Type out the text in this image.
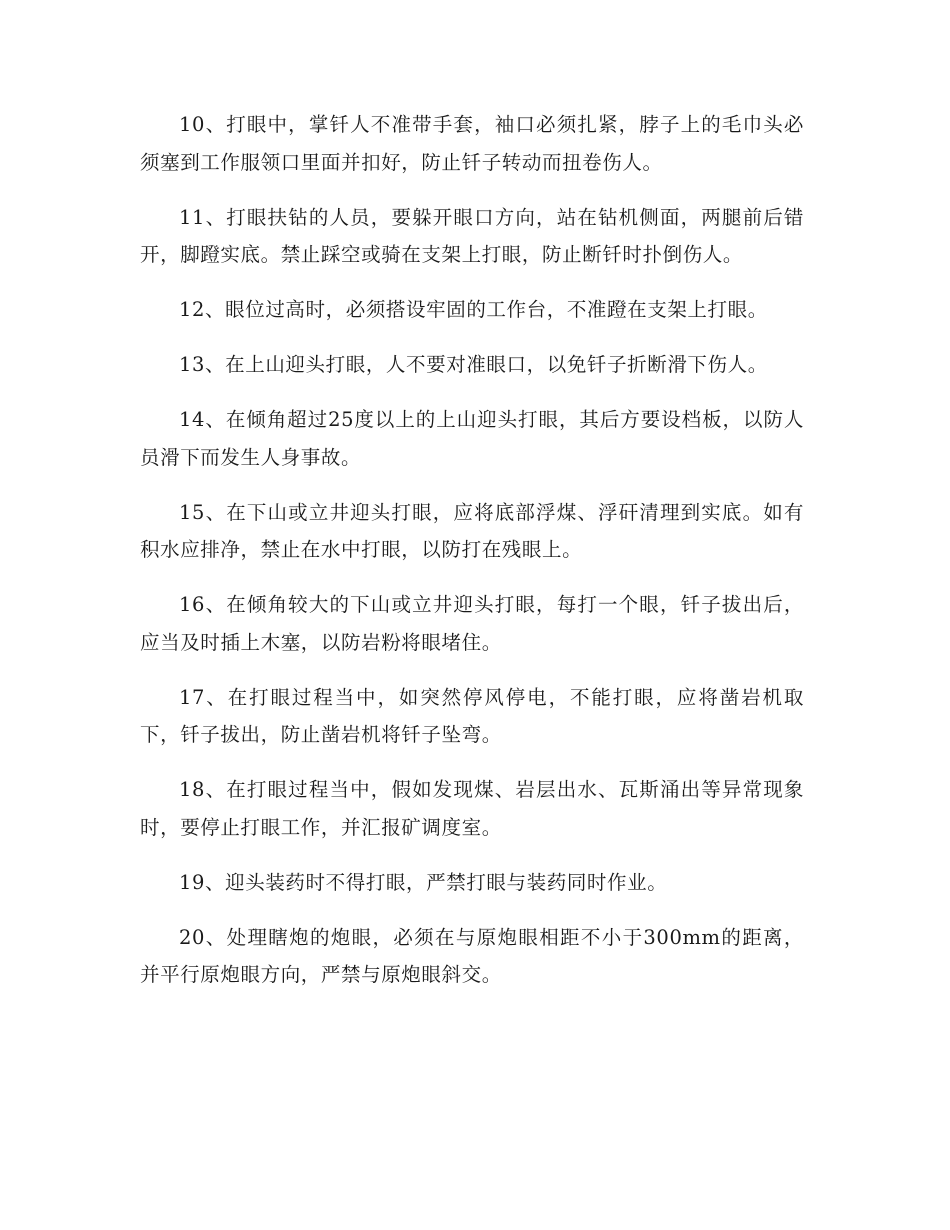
10、打眼中，掌钎人不准带手套，袖口必须扎紧，脖子上的毛巾头必须塞到工作服领口里面并扣好，防止钎子转动而扭卷伤人。

11、打眼扶钻的人员，要躲开眼口方向，站在钻机侧面，两腿前后错开，脚蹬实底。禁止踩空或骑在支架上打眼，防止断钎时扑倒伤人。

12、眼位过高时，必须搭设牢固的工作台，不准蹬在支架上打眼。

13、在上山迎头打眼，人不要对准眼口，以免钎子折断滑下伤人。

14、在倾角超过25度以上的上山迎头打眼，其后方要设档板，以防人员滑下而发生人身事故。

15、在下山或立井迎头打眼，应将底部浮煤、浮矸清理到实底。如有积水应排净，禁止在水中打眼，以防打在残眼上。

16、在倾角较大的下山或立井迎头打眼，每打一个眼，钎子拔出后，应当及时插上木塞，以防岩粉将眼堵住。

17、在打眼过程当中，如突然停风停电，不能打眼，应将凿岩机取下，钎子拔出，防止凿岩机将钎子坠弯。

18、在打眼过程当中，假如发现煤、岩层出水、瓦斯涌出等异常现象时，要停止打眼工作，并汇报矿调度室。

19、迎头装药时不得打眼，严禁打眼与装药同时作业。

20、处理瞎炮的炮眼，必须在与原炮眼相距不小于300mm的距离，并平行原炮眼方向，严禁与原炮眼斜交。
